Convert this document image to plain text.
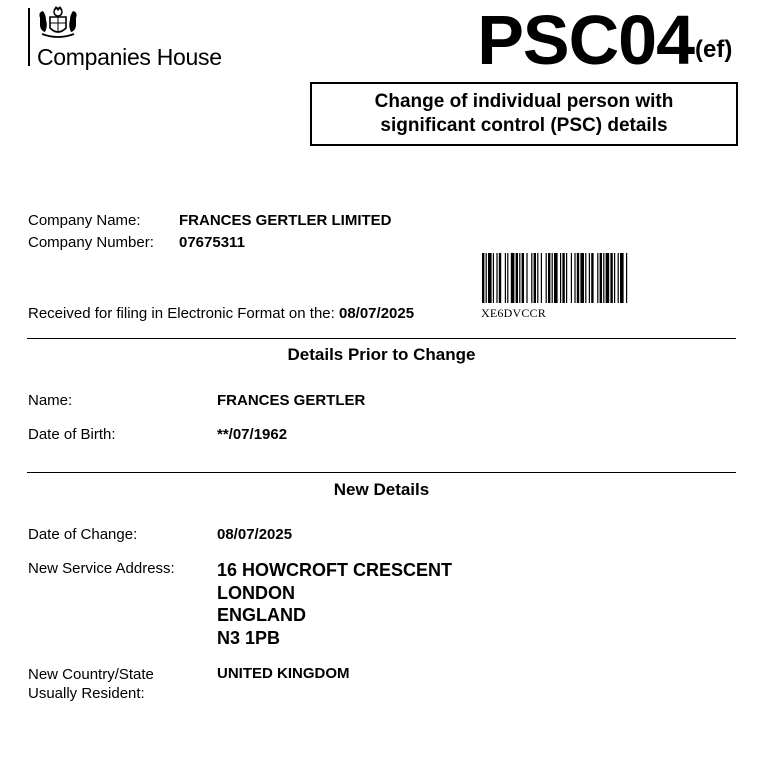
Companies House	PSC04 (ef)
Change of individual person with
significant control (PSC) details
Company Name:	FRANCES GERTLER LIMITED
Company Number: 07675311
XE6DVCCR
Received for filing in Electronic Format on the: 08/07/2025
Details Prior to Change
Name:	FRANCES GERTLER
Date of Birth:	**/07/1962
New Details
Date of Change:	08/07/2025
New Service Address: 16 HOWCROFT CRESCENT
LONDON
ENGLAND
N3 1PB
New Country/State
Usually Resident:
UNITED KINGDOM
